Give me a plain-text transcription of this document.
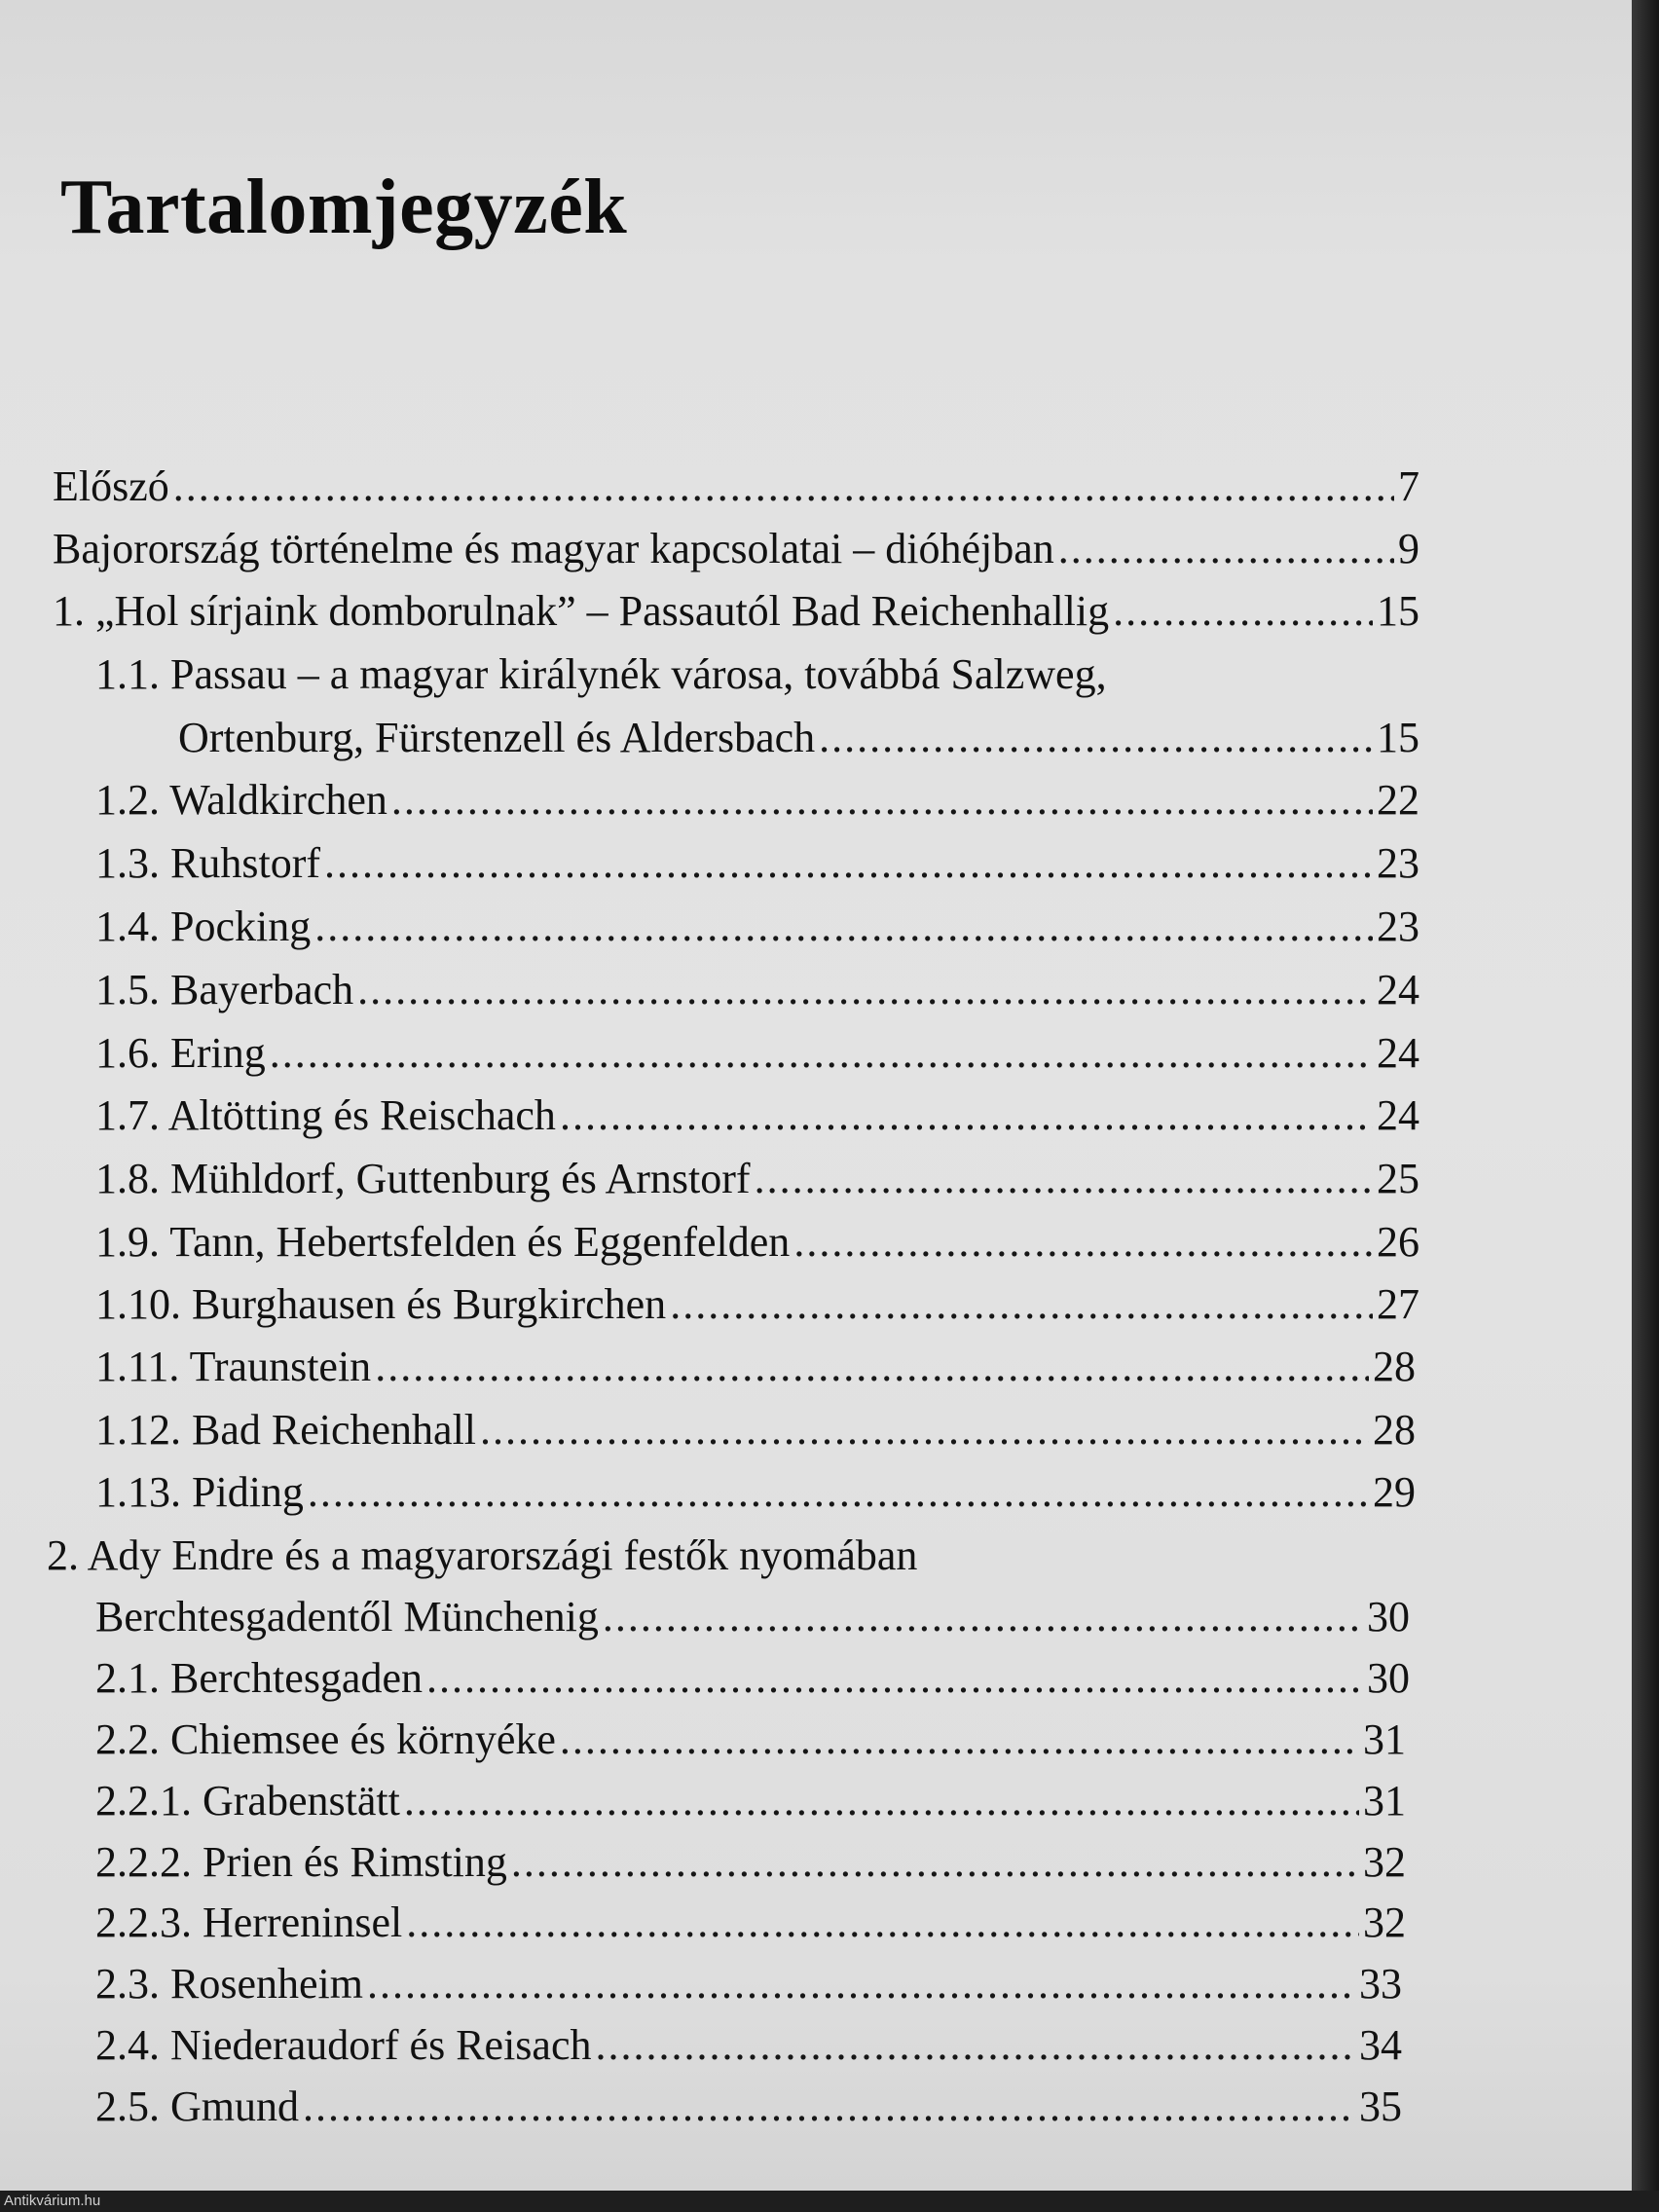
Tartalomjegyzék
Előszó .....	7
Bajorország történelme és magyar kapcsolatai – dióhéjban .....	9
1. „Hol sírjaink domborulnak” – Passautól Bad Reichenhallig .....	15
1.1. Passau – a magyar királynék városa, továbbá Salzweg,
Ortenburg, Fürstenzell és Aldersbach .....	15
1.2. Waldkirchen .....	22
1.3. Ruhstorf .....	23
1.4. Pocking .....	23
1.5. Bayerbach .....	24
1.6. Ering .....	24
1.7. Altötting és Reischach .....	24
1.8. Mühldorf, Guttenburg és Arnstorf .....	25
1.9. Tann, Hebertsfelden és Eggenfelden .....	26
1.10. Burghausen és Burgkirchen .....	27
1.11. Traunstein .....	28
1.12. Bad Reichenhall .....	28
1.13. Piding .....	29
2. Ady Endre és a magyarországi festők nyomában
Berchtesgadentől Münchenig .....	30
2.1. Berchtesgaden .....	30
2.2. Chiemsee és környéke .....	31
2.2.1. Grabenstätt .....	31
2.2.2. Prien és Rimsting .....	32
2.2.3. Herreninsel .....	32
2.3. Rosenheim .....	33
2.4. Niederaudorf és Reisach .....	34
2.5. Gmund .....	35
Antikvárium.hu
